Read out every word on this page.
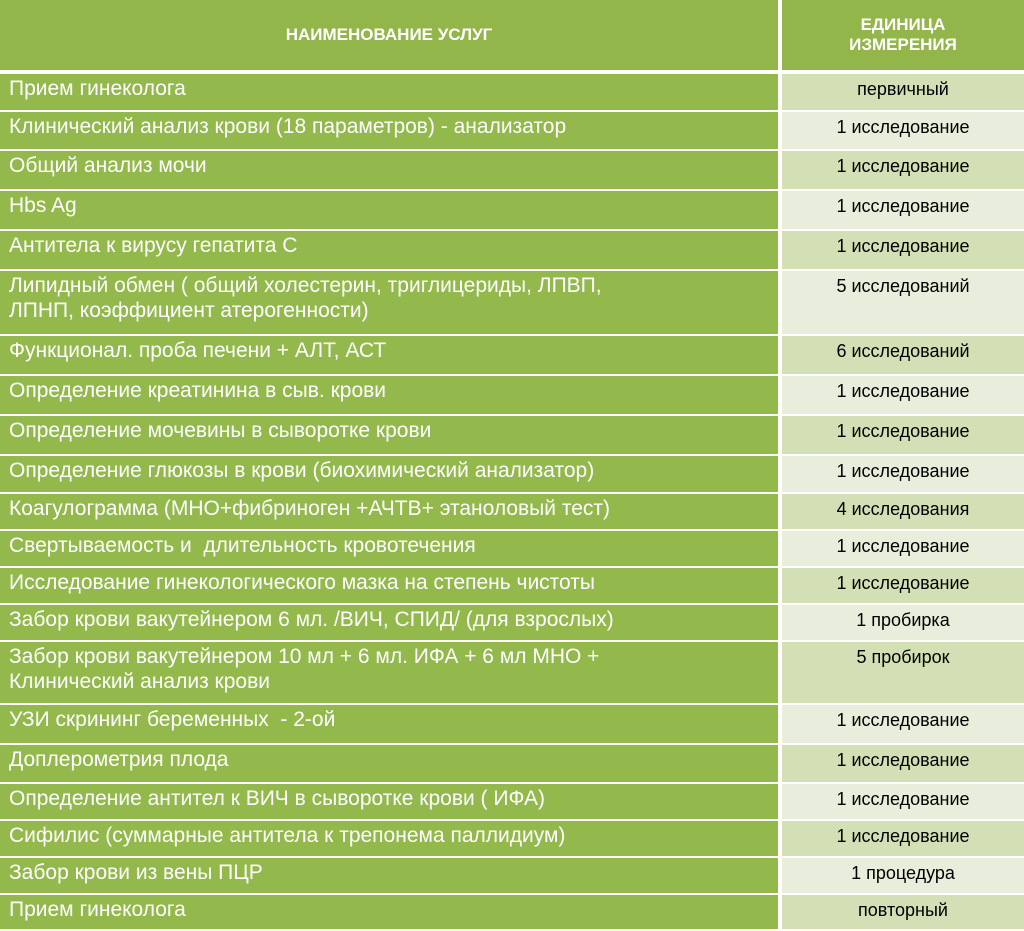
НАИМЕНОВАНИЕ УСЛУГ	ЕДИНИЦА
ИЗМЕРЕНИЯ

Прием гинеколога	первичный
Клинический анализ крови (18 параметров) - анализатор	1 исследование
Общий анализ мочи	1 исследование
Hbs Ag	1 исследование
Антитела к вирусу гепатита С	1 исследование
Липидный обмен ( общий холестерин, триглицериды, ЛПВП,
ЛПНП, коэффициент атерогенности)	5 исследований
Функционал. проба печени + АЛТ, АСТ	6 исследований
Определение креатинина в сыв. крови	1 исследование
Определение мочевины в сыворотке крови	1 исследование
Определение глюкозы в крови (биохимический анализатор)	1 исследование
Коагулограмма (МНО+фибриноген +АЧТВ+ этаноловый тест)	4 исследования
Свертываемость и  длительность кровотечения	1 исследование
Исследование гинекологического мазка на степень чистоты	1 исследование
Забор крови вакутейнером 6 мл. /ВИЧ, СПИД/ (для взрослых)	1 пробирка
Забор крови вакутейнером 10 мл + 6 мл. ИФА + 6 мл МНО +
Клинический анализ крови	5 пробирок
УЗИ скрининг беременных  - 2-ой	1 исследование
Доплерометрия плода	1 исследование
Определение антител к ВИЧ в сыворотке крови ( ИФА)	1 исследование
Сифилис (суммарные антитела к трепонема паллидиум)	1 исследование
Забор крови из вены ПЦР	1 процедура
Прием гинеколога	повторный
